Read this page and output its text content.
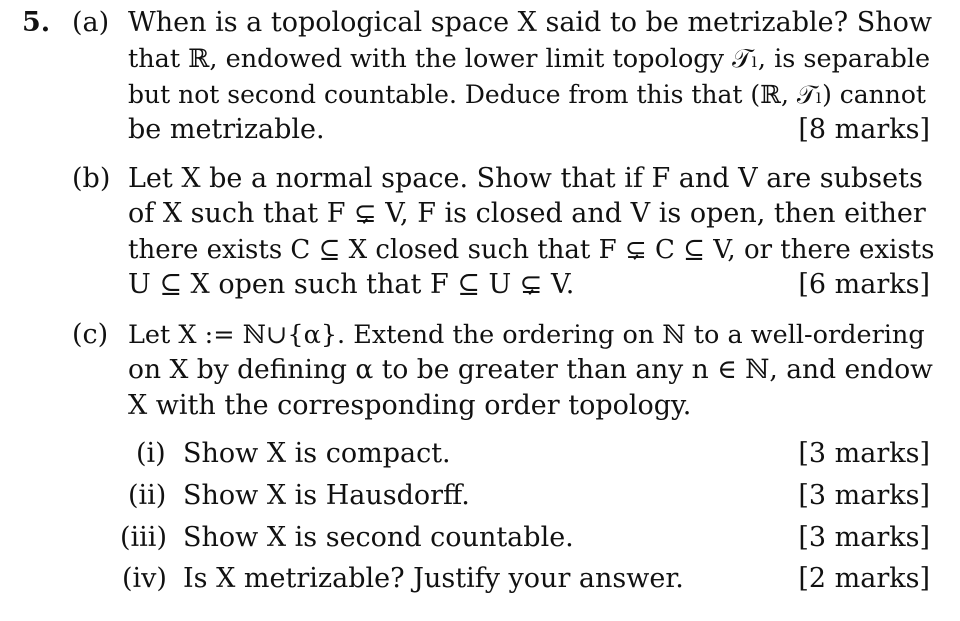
5. (a) When is a topological space X said to be metrizable? Show
that ℝ, endowed with the lower limit topology 𝒯ₗ, is separable
but not second countable. Deduce from this that (ℝ, 𝒯ₗ) cannot
be metrizable.	[8 marks]
(b) Let X be a normal space. Show that if F and V are subsets
of X such that F ⊊ V, F is closed and V is open, then either
there exists C ⊆ X closed such that F ⊊ C ⊆ V, or there exists
U ⊆ X open such that F ⊆ U ⊊ V.	[6 marks]
(c) Let X := ℕ∪{α}. Extend the ordering on ℕ to a well-ordering
on X by defining α to be greater than any n ∈ ℕ, and endow
X with the corresponding order topology.
(i) Show X is compact.	[3 marks]
(ii) Show X is Hausdorff.	[3 marks]
(iii) Show X is second countable.	[3 marks]
(iv) Is X metrizable? Justify your answer.	[2 marks]
